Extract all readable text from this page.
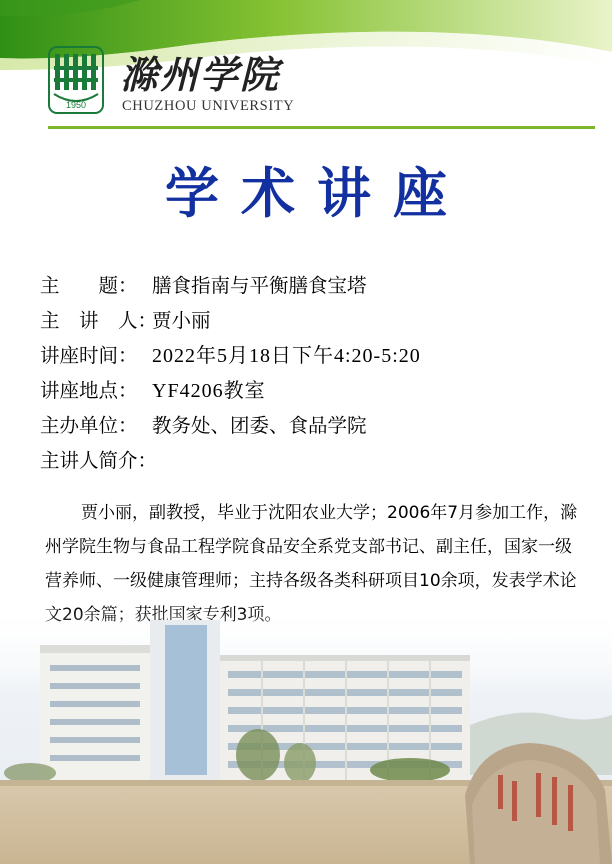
1950
滁州学院
CHUZHOU UNIVERSITY
学术讲座
主　　题： 膳食指南与平衡膳食宝塔
主　讲　人：贾小丽
讲座时间： 2022年5月18日下午4:20-5:20
讲座地点： YF4206教室
主办单位： 教务处、团委、食品学院
主讲人简介：
贾小丽，副教授，毕业于沈阳农业大学；2006年7月参加工作，滁州学院生物与食品工程学院食品安全系党支部书记、副主任，国家一级营养师、一级健康管理师；主持各级各类科研项目10余项，发表学术论
